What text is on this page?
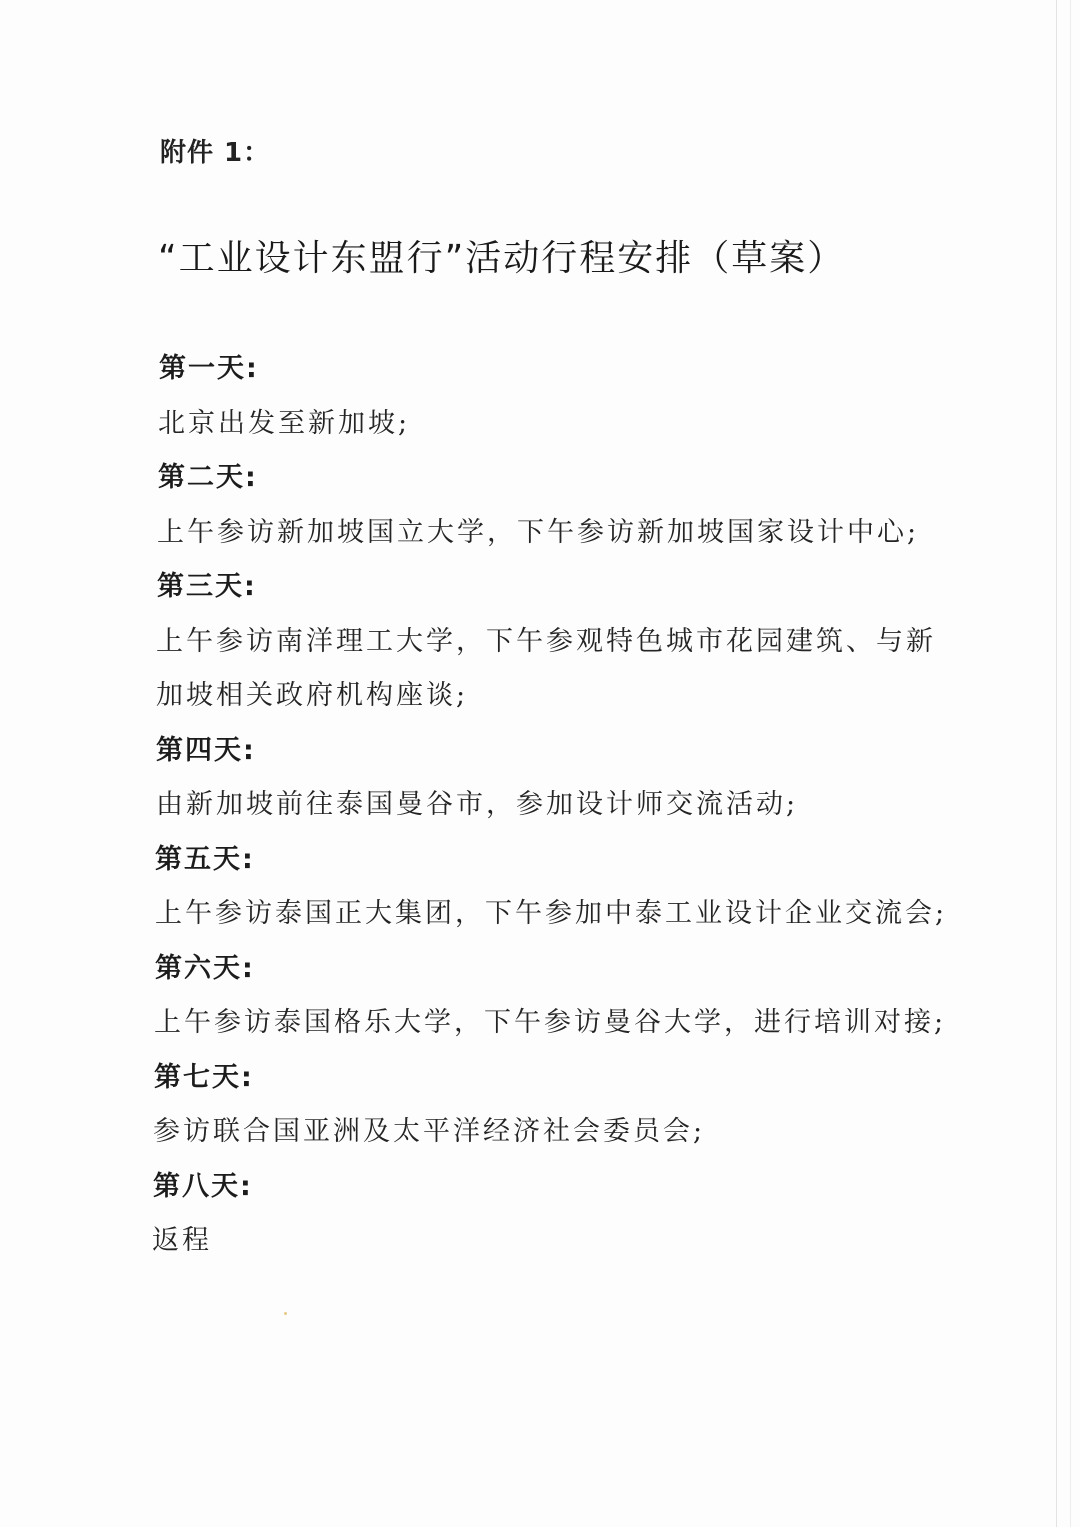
附件 1：
“工业设计东盟行”活动行程安排（草案）
第一天:
北京出发至新加坡;
第二天:
上午参访新加坡国立大学，下午参访新加坡国家设计中心;
第三天:
上午参访南洋理工大学，下午参观特色城市花园建筑、与新
加坡相关政府机构座谈;
第四天:
由新加坡前往泰国曼谷市，参加设计师交流活动;
第五天:
上午参访泰国正大集团，下午参加中泰工业设计企业交流会;
第六天:
上午参访泰国格乐大学，下午参访曼谷大学，进行培训对接;
第七天:
参访联合国亚洲及太平洋经济社会委员会;
第八天:
返程
